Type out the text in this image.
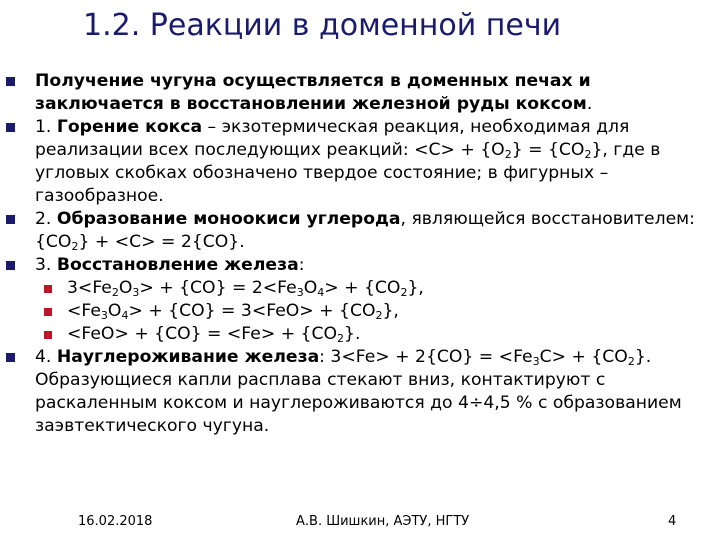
1.2. Реакции в доменной печи

Получение чугуна осуществляется в доменных печах и заключается в восстановлении железной руды коксом.

1. Горение кокса – экзотермическая реакция, необходимая для реализации всех последующих реакций: $<C> + \{O_2\} = \{CO_2\}$, где в угловых скобках обозначено твердое состояние; в фигурных – газообразное.

2. Образование моноокиси углерода, являющейся восстановителем: $\{CO_2\} + <C> = 2\{CO\}$.

3. Восстановление железа:

$3<Fe_2O_3> + \{CO\} = 2<Fe_3O_4> + \{CO_2\}$,

$<Fe_3O_4> + \{CO\} = 3<FeO> + \{CO_2\}$,

$<FeO> + \{CO\} = <Fe> + \{CO_2\}$.

4. Науглероживание железа: $3<Fe> + 2\{CO\} = <Fe_3C> + \{CO_2\}$. Образующиеся капли расплава стекают вниз, контактируют с раскаленным коксом и науглероживаются до 4÷4,5 % с образованием заэвтектического чугуна.

16.02.2018	А.В. Шишкин, АЭТУ, НГТУ	4
